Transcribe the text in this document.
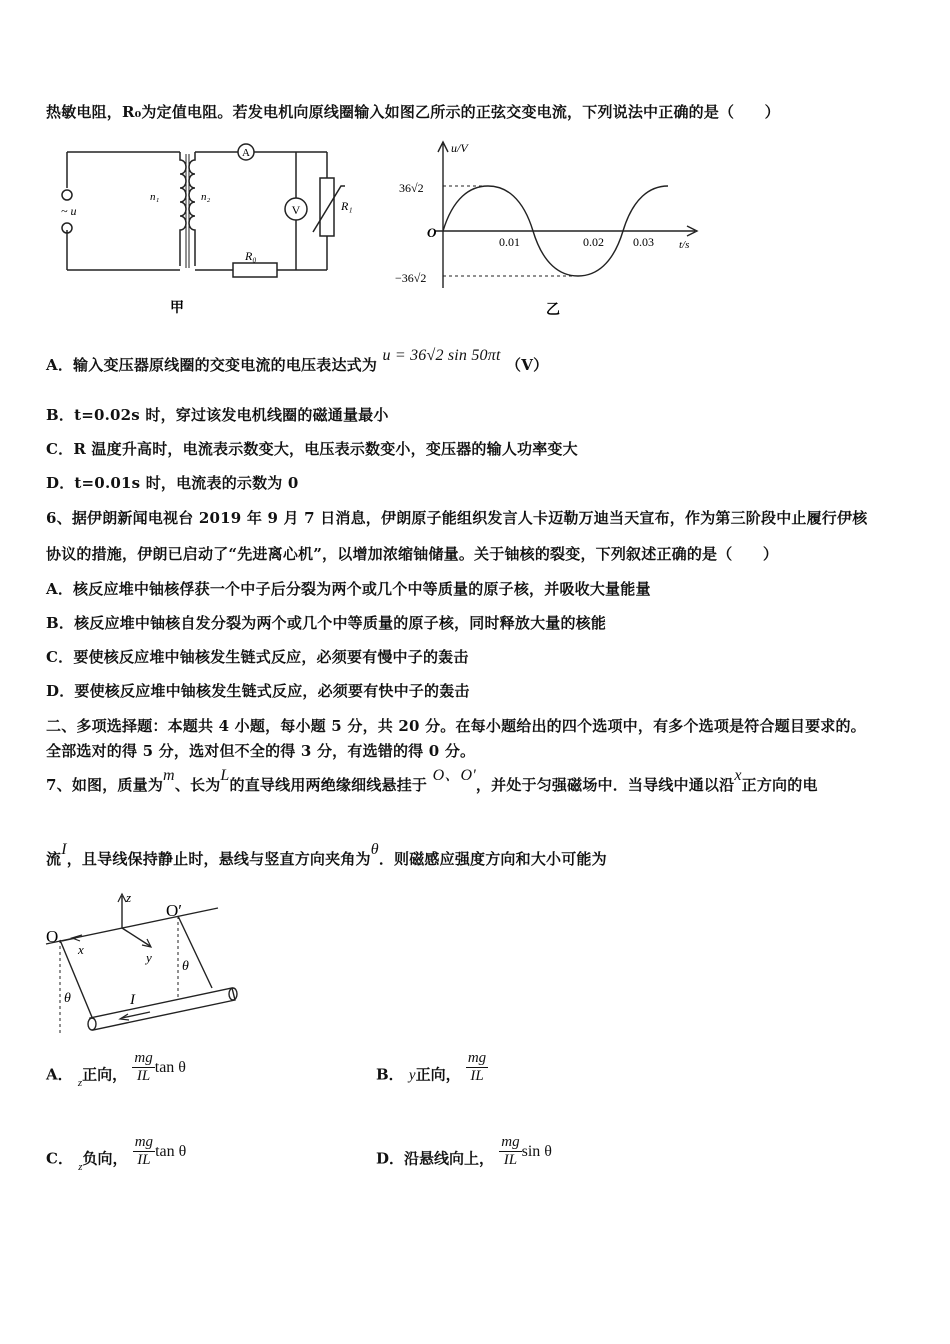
热敏电阻，R₀为定值电阻。若发电机向原线圈输入如图乙所示的正弦交变电流，下列说法中正确的是（　　）
A
V
n₁	n₂
~ u	R₁
R₀
甲
u/V
t/s
O
36√2
−36√2
0.01	0.02 0.03
乙
A．输入变压器原线圈的交变电流的电压表达式为 u = 36√2 sin 50πt （V）
B．t=0.02s 时，穿过该发电机线圈的磁通量最小
C．R 温度升高时，电流表示数变大，电压表示数变小，变压器的输人功率变大
D．t=0.01s 时，电流表的示数为 0
6、据伊朗新闻电视台 2019 年 9 月 7 日消息，伊朗原子能组织发言人卡迈勒万迪当天宣布，作为第三阶段中止履行伊核
协议的措施，伊朗已启动了“先进离心机”，以增加浓缩铀储量。关于铀核的裂变，下列叙述正确的是（　　）
A．核反应堆中铀核俘获一个中子后分裂为两个或几个中等质量的原子核，并吸收大量能量
B．核反应堆中铀核自发分裂为两个或几个中等质量的原子核，同时释放大量的核能
C．要使核反应堆中铀核发生链式反应，必须要有慢中子的轰击
D．要使核反应堆中铀核发生链式反应，必须要有快中子的轰击
二、多项选择题：本题共 4 小题，每小题 5 分，共 20 分。在每小题给出的四个选项中，有多个选项是符合题目要求的。
全部选对的得 5 分，选对但不全的得 3 分，有选错的得 0 分。
7、如图，质量为m、长为L的直导线用两绝缘细线悬挂于 O、O'，并处于匀强磁场中．当导线中通以沿x正方向的电
流I，且导线保持静止时，悬线与竖直方向夹角为θ．则磁感应强度方向和大小可能为
O
O′
z
x
y
I
θ
θ
A． $_z$正向， $\frac{mg}{IL}$ tan θ	B． y正向， $\frac{mg}{IL}$
C． $_z$负向， $\frac{mg}{IL}$ tan θ	D．沿悬线向上， $\frac{mg}{IL}$ sin θ
